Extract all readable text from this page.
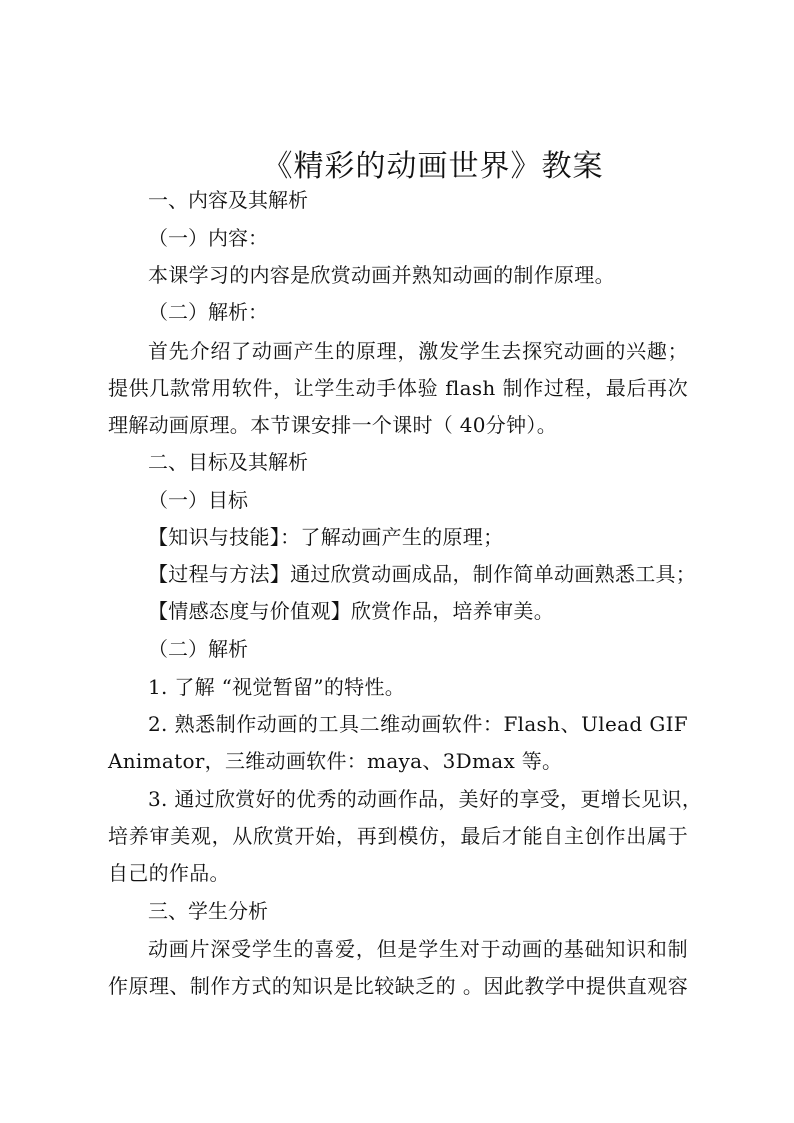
《精彩的动画世界》教案
一、内容及其解析
（一）内容：
本课学习的内容是欣赏动画并熟知动画的制作原理。
（二）解析：
首先介绍了动画产生的原理，激发学生去探究动画的兴趣；
提供几款常用软件，让学生动手体验 flash 制作过程，最后再次
理解动画原理。本节课安排一个课时（ 40分钟）。
二、目标及其解析
（一）目标
【知识与技能】：了解动画产生的原理；
【过程与方法】通过欣赏动画成品，制作简单动画熟悉工具；
【情感态度与价值观】欣赏作品，培养审美。
（二）解析
1. 了解 “视觉暂留”的特性。
2. 熟悉制作动画的工具二维动画软件：Flash、Ulead GIF
Animator，三维动画软件：maya、3Dmax 等。
3. 通过欣赏好的优秀的动画作品，美好的享受，更增长见识，
培养审美观，从欣赏开始，再到模仿，最后才能自主创作出属于
自己的作品。
三、学生分析
动画片深受学生的喜爱，但是学生对于动画的基础知识和制
作原理、制作方式的知识是比较缺乏的 。因此教学中提供直观容
